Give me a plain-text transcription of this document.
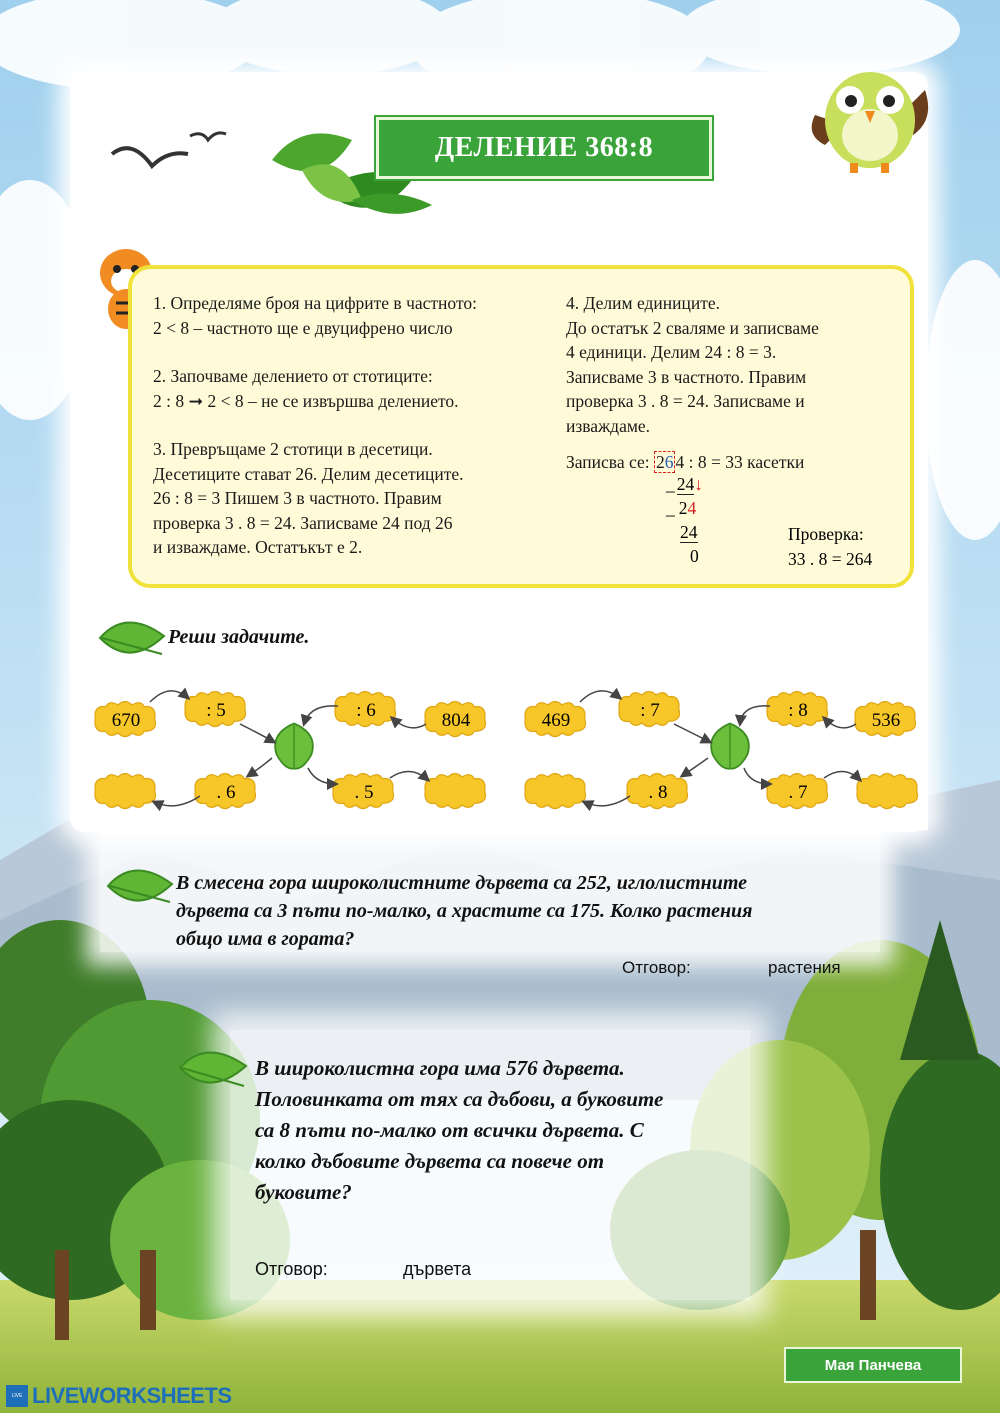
ДЕЛЕНИЕ 368:8

1. Определяме броя на цифрите в частното:

2 < 8 – частното ще е двуцифрено число

2. Започваме делението от стотиците:

2 : 8 ➞ 2 < 8 – не се извършва делението.

3. Превръщаме 2 стотици в десетици.

Десетиците стават 26. Делим десетиците.

26 : 8 = 3 Пишем 3 в частното. Правим

проверка 3 . 8 = 24. Записваме 24 под 26

и изваждаме. Остатъкът е 2.

4. Делим единиците.

До остатък 2 сваляме и записваме

4 единици. Делим 24 : 8 = 3.

Записваме 3 в частното. Правим

проверка 3 . 8 = 24. Записваме и

изваждаме.

Записва се: 26 4 : 8 = 33 касетки

_ 24↓
_ 24
24
0
Проверка:
33 . 8 = 264
Реши задачите.
670	: 5	: 6	804
. 6	. 5
469	: 7	: 8	536
. 8	. 7
В смесена гора широколистните дървета са 252, иглолистните
дървета са 3 пъти по-малко, а храстите са 175. Колко растения
общо има в гората?
Отговор:	растения
В широколистна гора има 576 дървета.
Половинката от тях са дъбови, а буковите
са 8 пъти по-малко от всички дървета. С
колко дъбовите дървета са повече от
буковите?
Отговор:	дървета
Мая Панчева
LIVE LIVEWORKSHEETS
